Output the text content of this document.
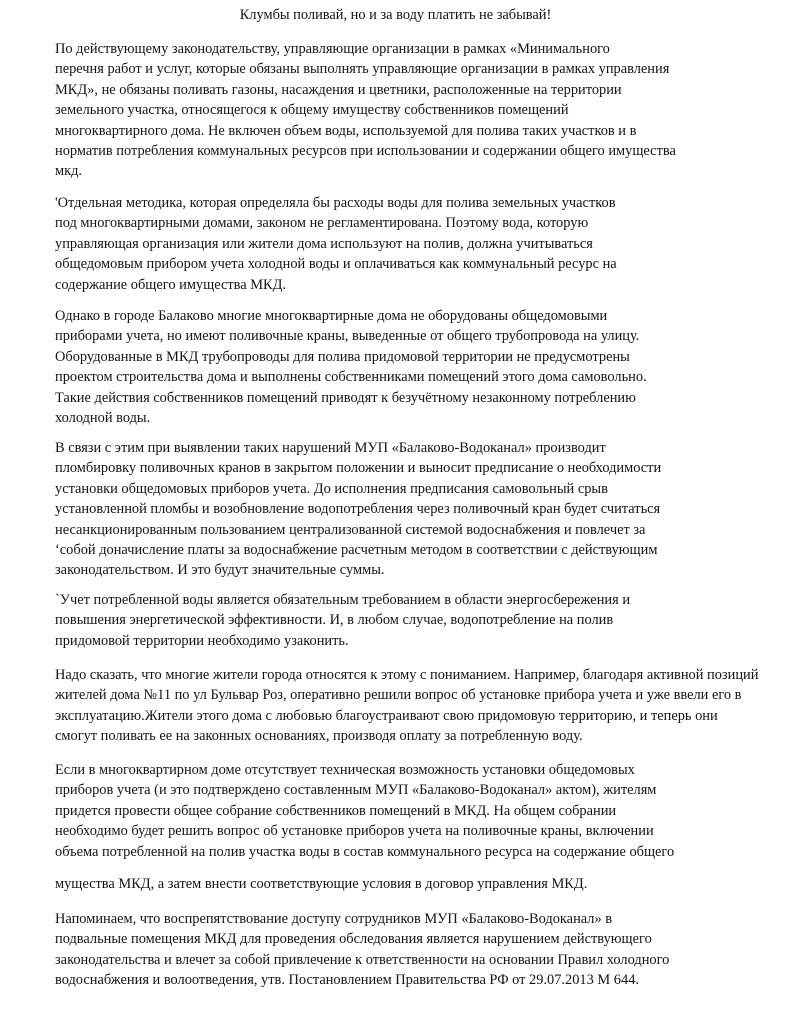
Клумбы поливай, но и за воду платить не забывай!
По действующему законодательству, управляющие организации в рамках «Минимального
перечня работ и услуг, которые обязаны выполнять управляющие организации в рамках управления
МКД», не обязаны поливать газоны, насаждения и цветники, расположенные на территории
земельного участка, относящегося к общему имуществу собственников помещений
многоквартирного дома. Не включен объем воды, используемой для полива таких участков и в
норматив потребления коммунальных ресурсов при использовании и содержании общего имущества
мкд.
'Отдельная методика, которая определяла бы расходы воды для полива земельных участков
под многоквартирными домами, законом не регламентирована. Поэтому вода, которую
управляющая организация или жители дома используют на полив, должна учитываться
общедомовым прибором учета холодной воды и оплачиваться как коммунальный ресурс на
содержание общего имущества МКД.
Однако в городе Балаково многие многоквартирные дома не оборудованы общедомовыми
приборами учета, но имеют поливочные краны, выведенные от общего трубопровода на улицу.
Оборудованные в МКД трубопроводы для полива придомовой территории не предусмотрены
проектом строительства дома и выполнены собственниками помещений этого дома самовольно.
Такие действия собственников помещений приводят к безучётному незаконному потреблению
холодной воды.
В связи с этим при выявлении таких нарушений МУП «Балаково-Водоканал» производит
пломбировку поливочных кранов в закрытом положении и выносит предписание о необходимости
установки общедомовых приборов учета. До исполнения предписания самовольный срыв
установленной пломбы и возобновление водопотребления через поливочный кран будет считаться
несанкционированным пользованием централизованной системой водоснабжения и повлечет за
‘собой доначисление платы за водоснабжение расчетным методом в соответствии с действующим
законодательством. И это будут значительные суммы.
`Учет потребленной воды является обязательным требованием в области энергосбережения и
повышения энергетической эффективности. И, в любом случае, водопотребление на полив
придомовой территории необходимо узаконить.
Надо сказать, что многие жители города относятся к этому с пониманием. Например, благодаря активной позиций
жителей дома №11 по ул Бульвар Роз, оперативно решили вопрос об установке прибора учета и уже ввели его в
эксплуатацию.Жители этого дома с любовью благоустраивают свою придомовую территорию, и теперь они
смогут поливать ее на законных основаниях, производя оплату за потребленную воду.
Если в многоквартирном доме отсутствует техническая возможность установки общедомовых
приборов учета (и это подтверждено составленным МУП «Балаково-Водоканал» актом), жителям
придется провести общее собрание собственников помещений в МКД. На общем собрании
необходимо будет решить вопрос об установке приборов учета на поливочные краны, включении
объема потребленной на полив участка воды в состав коммунального ресурса на содержание общего
мущества МКД, а затем внести соответствующие условия в договор управления МКД.
Напоминаем, что воспрепятствование доступу сотрудников МУП «Балаково-Водоканал» в
подвальные помещения МКД для проведения обследования является нарушением действующего
законодательства и влечет за собой привлечение к ответственности на основании Правил холодного
водоснабжения и волоотведения, утв. Постановлением Правительства РФ от 29.07.2013 М 644.
